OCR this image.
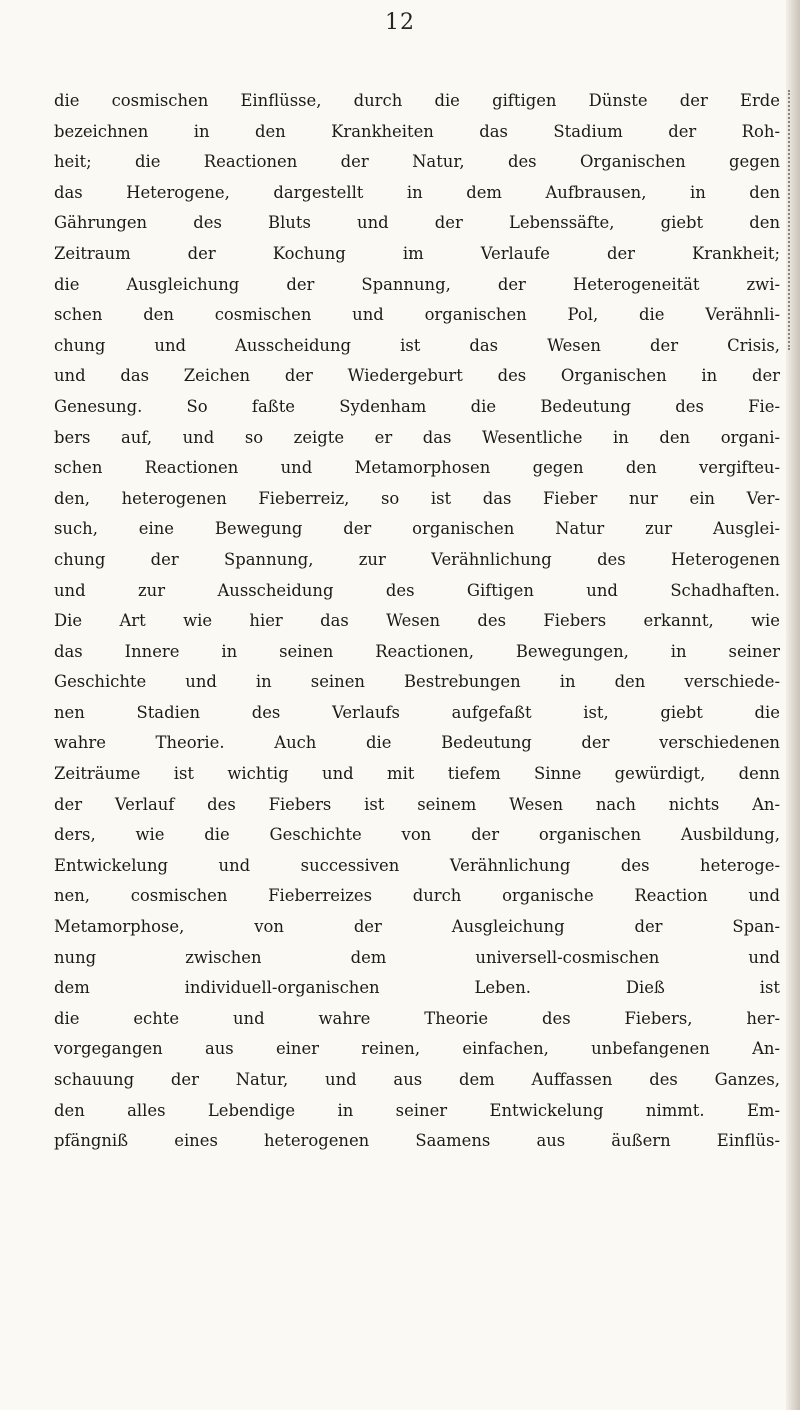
12
die cosmischen Einflüsse, durch die giftigen Dünste der Erde
bezeichnen in den Krankheiten das Stadium der Roh-
heit; die Reactionen der Natur, des Organischen gegen
das Heterogene, dargestellt in dem Aufbrausen, in den
Gährungen des Bluts und der Lebenssäfte, giebt den
Zeitraum der Kochung im Verlaufe der Krankheit;
die Ausgleichung der Spannung, der Heterogeneität zwi-
schen den cosmischen und organischen Pol, die Verähnli-
chung und Ausscheidung ist das Wesen der Crisis,
und das Zeichen der Wiedergeburt des Organischen in der
Genesung. So faßte Sydenham die Bedeutung des Fie-
bers auf, und so zeigte er das Wesentliche in den organi-
schen Reactionen und Metamorphosen gegen den vergifteu-
den, heterogenen Fieberreiz, so ist das Fieber nur ein Ver-
such, eine Bewegung der organischen Natur zur Ausglei-
chung der Spannung, zur Verähnlichung des Heterogenen
und zur Ausscheidung des Giftigen und Schadhaften.
Die Art wie hier das Wesen des Fiebers erkannt, wie
das Innere in seinen Reactionen, Bewegungen, in seiner
Geschichte und in seinen Bestrebungen in den verschiede-
nen Stadien des Verlaufs aufgefaßt ist, giebt die
wahre Theorie. Auch die Bedeutung der verschiedenen
Zeiträume ist wichtig und mit tiefem Sinne gewürdigt, denn
der Verlauf des Fiebers ist seinem Wesen nach nichts An-
ders, wie die Geschichte von der organischen Ausbildung,
Entwickelung und successiven Verähnlichung des heteroge-
nen, cosmischen Fieberreizes durch organische Reaction und
Metamorphose, von der Ausgleichung der Span-
nung zwischen dem universell-cosmischen und
dem individuell-organischen Leben. Dieß ist
die echte und wahre Theorie des Fiebers, her-
vorgegangen aus einer reinen, einfachen, unbefangenen An-
schauung der Natur, und aus dem Auffassen des Ganzes,
den alles Lebendige in seiner Entwickelung nimmt. Em-
pfängniß eines heterogenen Saamens aus äußern Einflüs-
